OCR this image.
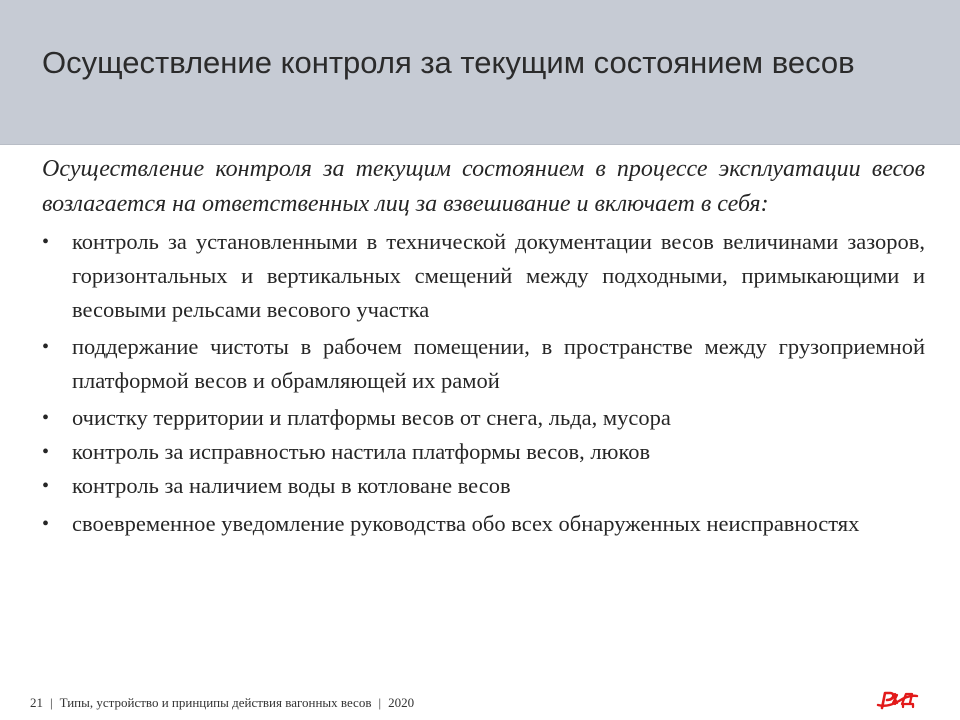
Осуществление контроля за текущим состоянием весов

Осуществление контроля за текущим состоянием в процессе эксплуатации весов возлагается на ответственных лиц за взвешивание и включает в себя:

• контроль за установленными в технической документации весов величинами зазоров, горизонтальных и вертикальных смещений между подходными, примыкающими и весовыми рельсами весового участка
• поддержание чистоты в рабочем помещении, в пространстве между грузоприемной платформой весов и обрамляющей их рамой
• очистку территории и платформы весов от снега, льда, мусора
• контроль за исправностью настила платформы весов, люков
• контроль за наличием воды в котловане весов
• своевременное уведомление руководства обо всех обнаруженных неисправностях
21 | Типы, устройство и принципы действия вагонных весов | 2020
